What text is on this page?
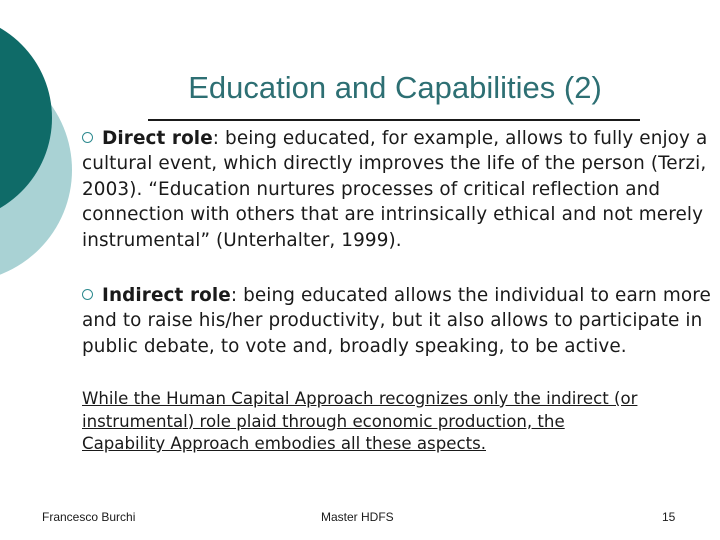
Education and Capabilities (2)
Direct role: being educated, for example, allows to fully enjoy a cultural event, which directly improves the life of the person (Terzi, 2003). “Education nurtures processes of critical reflection and connection with others that are intrinsically ethical and not merely instrumental” (Unterhalter, 1999).
Indirect role: being educated allows the individual to earn more and to raise his/her productivity, but it also allows to participate in public debate, to vote and, broadly speaking, to be active.
While the Human Capital Approach recognizes only the indirect (or instrumental) role plaid through economic production, the Capability Approach embodies all these aspects.
Francesco Burchi	Master HDFS	15
